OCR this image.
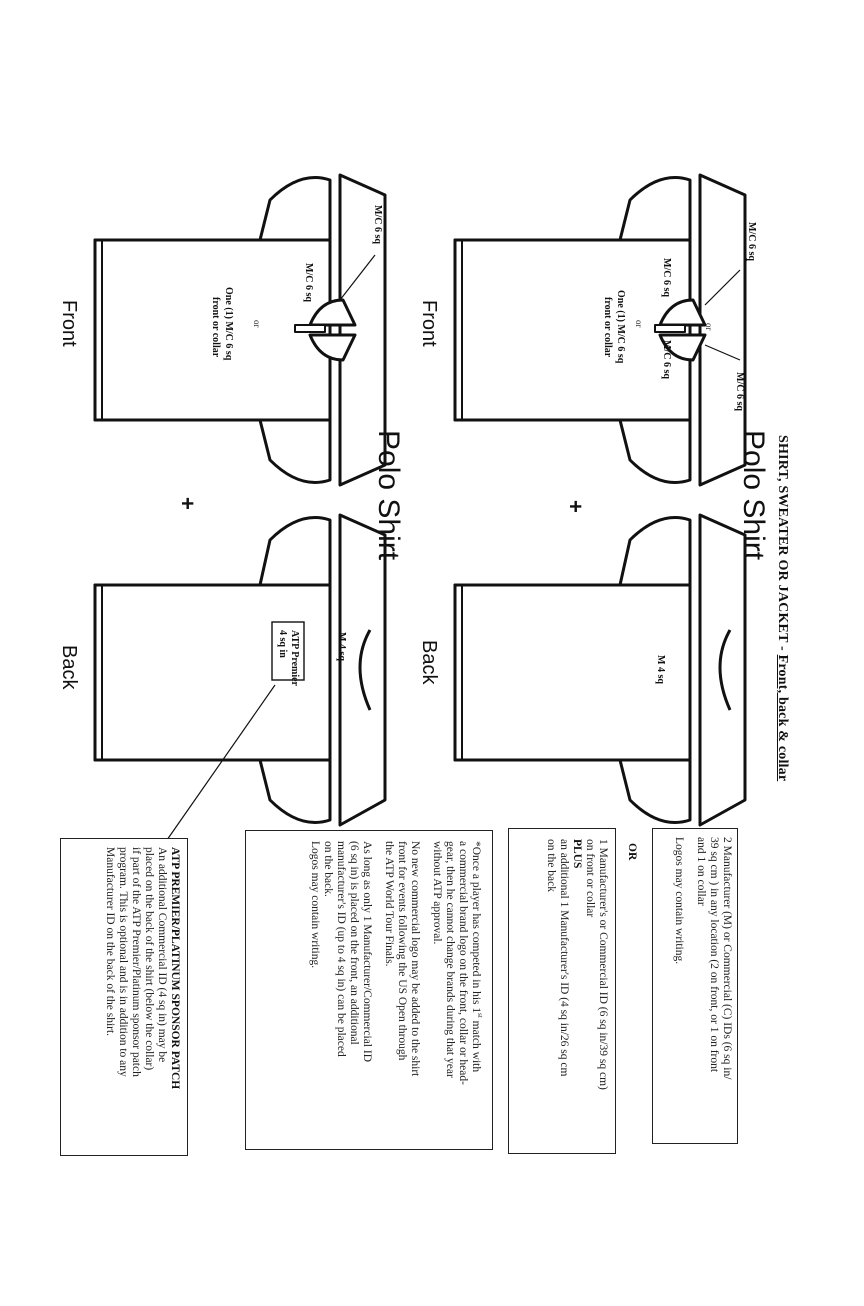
SHIRT, SWEATER OR JACKET - Front, back & collar
Polo Shirt
Front
Back
+
M/C 6 sq
M/C 6 sq
M/C 6 sq
M/C 6 sq
or
or
One (1) M/C 6 sq
front or collar
M 4 sq
Polo Shirt
Front
Back
+
M/C 6 sq
M/C 6 sq
or
One (1) M/C 6 sq
front or collar
M 4 sq
ATP Premier
4 sq in

2 Manufacturer (M) or Commercial (C) IDs (6 sq in/
39 sq cm ) in any location (2 on front, or 1 on front
and 1 on collar

Logos may contain writing.

OR

1 Manufacturer's or Commercial ID (6 sq in/39 sq cm)
on front or collar
PLUS
an additional 1 Manufacturer's ID (4 sq in/26 sq cm
on the back

*Once a player has competed in his 1st match with
a commercial brand logo on the front, collar or head-
gear, then he cannot change brands during that year
without ATP approval.

No new commercial logo may be added to the shirt
front for events following the US Open through
the ATP World Tour Finals.

As long as only 1 Manufacturer/Commercial ID
(6 sq in) is placed on the front, an additional
manufacturer's ID (up to 4 sq in) can be placed
on the back.
Logos may contain writing.

ATP PREMIER/PLATINUM SPONSOR PATCH
An additional Commercial ID (4 sq in) may be
placed on the back of the shirt (below the collar)
if part of the ATP Premier/Platinum sponsor patch
program. This is optional and is in addition to any
Manufacturer ID on the back of the shirt.
